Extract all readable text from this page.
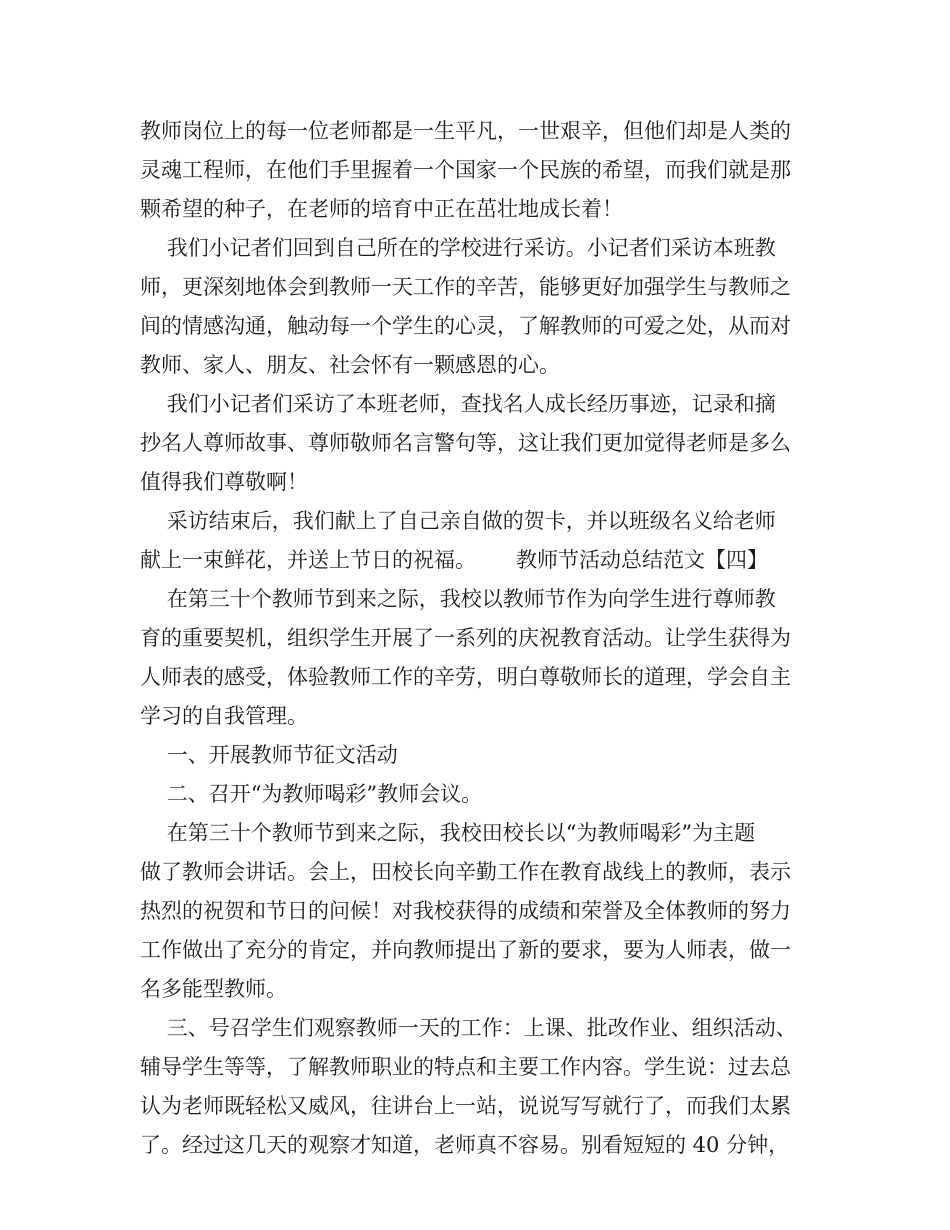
教师岗位上的每一位老师都是一生平凡，一世艰辛，但他们却是人类的
灵魂工程师，在他们手里握着一个国家一个民族的希望，而我们就是那
颗希望的种子，在老师的培育中正在茁壮地成长着！
我们小记者们回到自己所在的学校进行采访。小记者们采访本班教
师，更深刻地体会到教师一天工作的辛苦，能够更好加强学生与教师之
间的情感沟通，触动每一个学生的心灵，了解教师的可爱之处，从而对
教师、家人、朋友、社会怀有一颗感恩的心。
我们小记者们采访了本班老师，查找名人成长经历事迹，记录和摘
抄名人尊师故事、尊师敬师名言警句等，这让我们更加觉得老师是多么
值得我们尊敬啊！
采访结束后，我们献上了自己亲自做的贺卡，并以班级名义给老师
献上一束鲜花，并送上节日的祝福。      教师节活动总结范文【四】
在第三十个教师节到来之际，我校以教师节作为向学生进行尊师教
育的重要契机，组织学生开展了一系列的庆祝教育活动。让学生获得为
人师表的感受，体验教师工作的辛劳，明白尊敬师长的道理，学会自主
学习的自我管理。
一、开展教师节征文活动
二、召开“为教师喝彩”教师会议。
在第三十个教师节到来之际，我校田校长以“为教师喝彩”为主题
做了教师会讲话。会上，田校长向辛勤工作在教育战线上的教师，表示
热烈的祝贺和节日的问候！对我校获得的成绩和荣誉及全体教师的努力
工作做出了充分的肯定，并向教师提出了新的要求，要为人师表，做一
名多能型教师。
三、号召学生们观察教师一天的工作：上课、批改作业、组织活动、
辅导学生等等，了解教师职业的特点和主要工作内容。学生说：过去总
认为老师既轻松又威风，往讲台上一站，说说写写就行了，而我们太累
了。经过这几天的观察才知道，老师真不容易。别看短短的 40 分钟，
